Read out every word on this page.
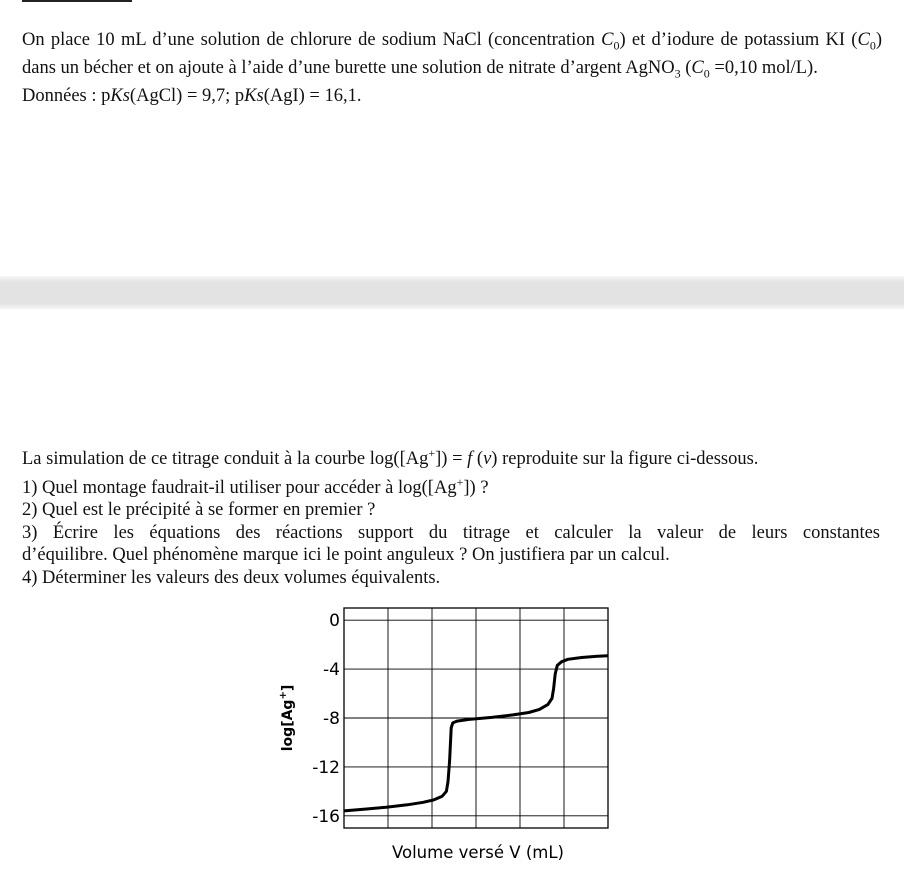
On place 10 mL d’une solution de chlorure de sodium NaCl (concentration $C_0$) et d’iodure de potassium KI $(C_0)$ dans un bécher et on ajoute à l’aide d’une burette une solution de nitrate d’argent AgNO$_3$ ($C_0 =0,10$ mol/L).
Données : pKs(AgCl) = 9,7; pKs(AgI) = 16,1.
La simulation de ce titrage conduit à la courbe log([Ag+]) = f (v) reproduite sur la figure ci-dessous.
1) Quel montage faudrait-il utiliser pour accéder à log([Ag+]) ?
2) Quel est le précipité à se former en premier ?
3) Écrire les équations des réactions support du titrage et calculer la valeur de leurs constantes
d’équilibre. Quel phénomène marque ici le point anguleux ? On justifiera par un calcul.
4) Déterminer les valeurs des deux volumes équivalents.
0
-4
-8
-12
-16
log[Ag+]
Volume versé V (mL)
